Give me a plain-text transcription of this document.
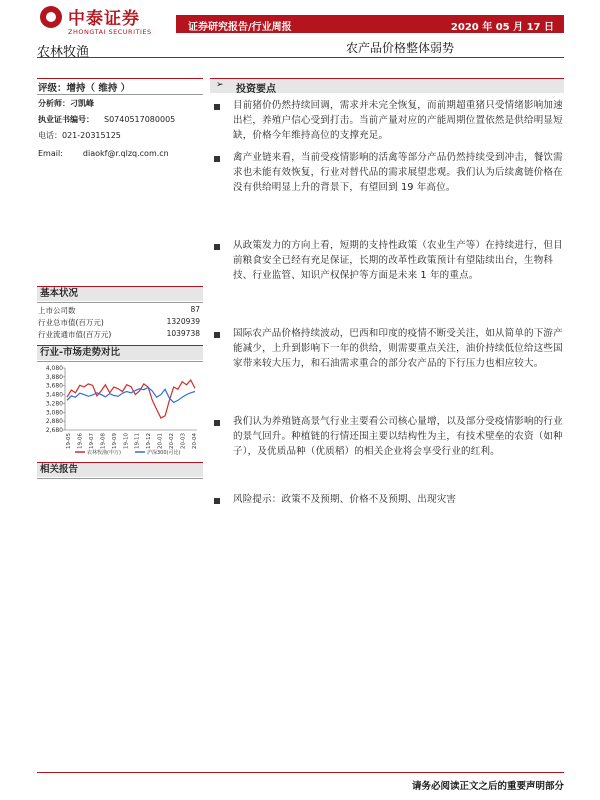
中泰证券
ZHONGTAI SECURITIES	证券研究报告/行业周报	2020 年 05 月 17 日
农林牧渔	农产品价格整体弱势
评级：增持（ 维持 ）
分析师：刁凯峰
执业证书编号： S0740517080005
电话：021-20315125
Email:	diaokf@r.qlzq.com.cn
基本状况
上市公司数	87
行业总市值(百万元)	1320939
行业流通市值(百万元)	1039738
行业-市场走势对比
2,680
2,880
3,080
3,280
3,480
3,680
3,880
4,080
19-05 19-06 19-07 19-08 19-09 19-10 19-11 19-12 20-01 20-02 20-03 20-04
农林牧渔(申万)	沪深300(可比)
相关报告
➢ 投资要点
目前猪价仍然持续回调，需求并未完全恢复，而前期超重猪只受情绪影响加速出栏，养殖户信心受到打击。当前产量对应的产能周期位置依然是供给明显短缺，价格今年维持高位的支撑充足。
禽产业链来看，当前受疫情影响的活禽等部分产品仍然持续受到冲击，餐饮需求也未能有效恢复，行业对替代品的需求展望悲观。我们认为后续禽链价格在没有供给明显上升的背景下，有望回到 19 年高位。
从政策发力的方向上看，短期的支持性政策（农业生产等）在持续进行，但目前粮食安全已经有充足保证，长期的改革性政策预计有望陆续出台，生物科技、行业监管、知识产权保护等方面是未来 1 年的重点。
国际农产品价格持续波动，巴西和印度的疫情不断受关注，如从简单的下游产能减少，上升到影响下一年的供给，则需要重点关注，油价持续低位给这些国家带来较大压力，和石油需求重合的部分农产品的下行压力也相应较大。
我们认为养殖链高景气行业主要看公司核心量增，以及部分受疫情影响的行业的景气回升。种植链的行情还围主要以结构性为主，有技术壁垒的农资（如种子），及优质品种（优质稻）的相关企业将会享受行业的红利。
风险提示：政策不及预期、价格不及预期、出现灾害
请务必阅读正文之后的重要声明部分
